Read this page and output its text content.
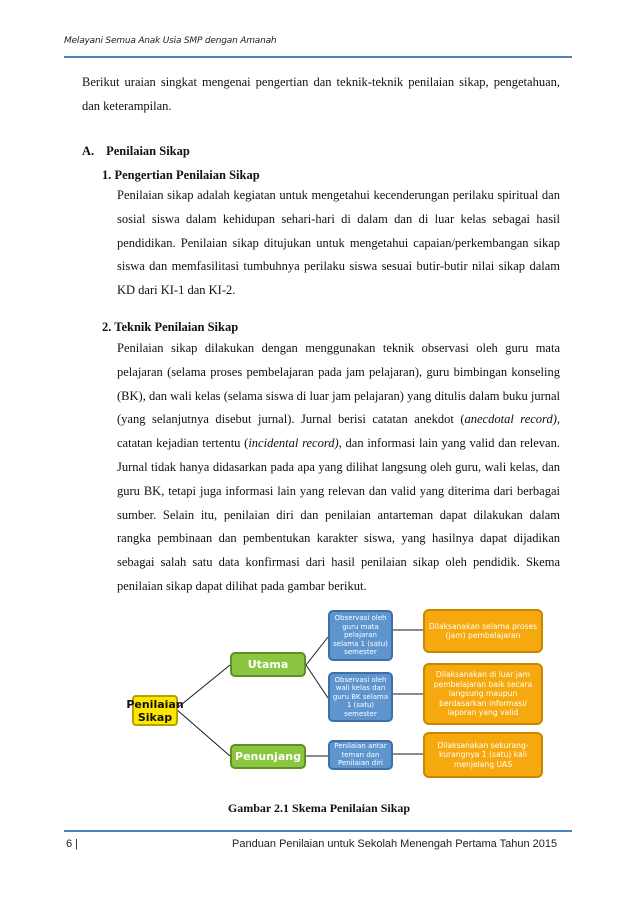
Melayani Semua Anak Usia SMP dengan Amanah
Berikut uraian singkat mengenai pengertian dan teknik-teknik penilaian sikap, pengetahuan, dan keterampilan.
A. Penilaian Sikap
1. Pengertian Penilaian Sikap
Penilaian sikap adalah kegiatan untuk mengetahui kecenderungan perilaku spiritual dan sosial siswa dalam kehidupan sehari-hari di dalam dan di luar kelas sebagai hasil pendidikan. Penilaian sikap ditujukan untuk mengetahui capaian/perkembangan sikap siswa dan memfasilitasi tumbuhnya perilaku siswa sesuai butir-butir nilai sikap dalam KD dari KI-1 dan KI-2.
2. Teknik Penilaian Sikap
Penilaian sikap dilakukan dengan menggunakan teknik observasi oleh guru mata pelajaran (selama proses pembelajaran pada jam pelajaran), guru bimbingan konseling (BK), dan wali kelas (selama siswa di luar jam pelajaran) yang ditulis dalam buku jurnal (yang selanjutnya disebut jurnal). Jurnal berisi catatan anekdot (anecdotal record), catatan kejadian tertentu (incidental record), dan informasi lain yang valid dan relevan. Jurnal tidak hanya didasarkan pada apa yang dilihat langsung oleh guru, wali kelas, dan guru BK, tetapi juga informasi lain yang relevan dan valid yang diterima dari berbagai sumber. Selain itu, penilaian diri dan penilaian antarteman dapat dilakukan dalam rangka pembinaan dan pembentukan karakter siswa, yang hasilnya dapat dijadikan sebagai salah satu data konfirmasi dari hasil penilaian sikap oleh pendidik. Skema penilaian sikap dapat dilihat pada gambar berikut.
Penilaian Sikap
Utama
Penunjang
Observasi oleh guru mata pelajaran selama 1 (satu) semester
Observasi oleh wali kelas dan guru BK selama 1 (satu) semester
Penilaian antar teman dan Penilaian diri
Dilaksanakan selama proses (jam) pembelajaran
Dilaksanakan di luar jam pembelajaran baik secara langsung maupun berdasarkan informasi/ laporan yang valid
Dilaksanakan sekurang-kurangnya 1 (satu) kali menjelang UAS
Gambar 2.1 Skema Penilaian Sikap
6 |	Panduan Penilaian untuk Sekolah Menengah Pertama Tahun 2015
